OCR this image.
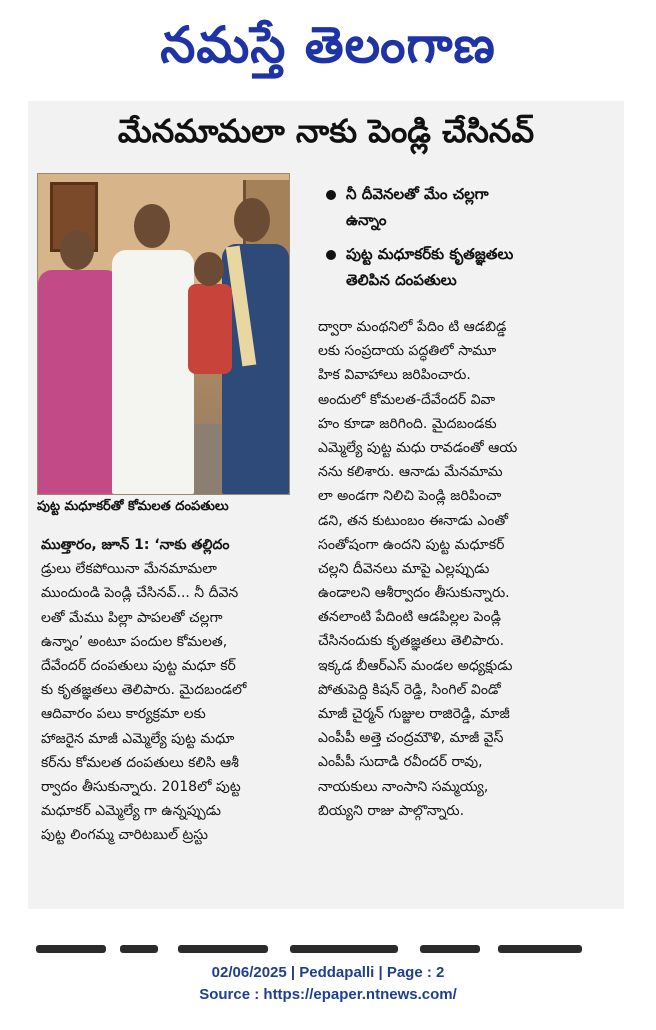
నమస్తే తెలంగాణ
మేనమామలా నాకు పెండ్లి చేసినవ్
పుట్ట మధూకర్‌తో కోమలత దంపతులు
నీ దీవెనలతో మేం చల్లగా
ఉన్నాం
పుట్ట మధూకర్‌కు కృతజ్ఞతలు
తెలిపిన దంపతులు
ముత్తారం, జూన్ 1: ‘నాకు తల్లిదం
డ్రులు లేకపోయినా మేనమామలా
ముందుండి పెండ్లి చేసినవ్... నీ దీవెన
లతో మేము పిల్లా పాపలతో చల్లగా
ఉన్నాం’ అంటూ పందుల కోమలత,
దేవేందర్ దంపతులు పుట్ట మధూ కర్
కు కృతజ్ఞతలు తెలిపారు. మైదబండలో
ఆదివారం పలు కార్యక్రమా లకు
హాజరైన మాజీ ఎమ్మెల్యే పుట్ట మధూ
కర్‌ను కోమలత దంపతులు కలిసి ఆశీ
ర్వాదం తీసుకున్నారు. 2018లో పుట్ట
మధూకర్ ఎమ్మెల్యే గా ఉన్నప్పుడు
పుట్ట లింగమ్మ చారిటబుల్ ట్రస్టు
ద్వారా మంథనిలో పేదిం టి ఆడబిడ్డ
లకు సంప్రదాయ పద్ధతిలో సామూ
హిక వివాహాలు జరిపించారు.
అందులో కోమలత-దేవేందర్ వివా
హం కూడా జరిగింది. మైదబండకు
ఎమ్మెల్యే పుట్ట మధు రావడంతో ఆయ
నను కలిశారు. ఆనాడు మేనమామ
లా అండగా నిలిచి పెండ్లి జరిపించా
డని, తన కుటుంబం ఈనాడు ఎంతో
సంతోషంగా ఉందని పుట్ట మధూకర్
చల్లని దీవెనలు మాపై ఎల్లప్పుడు
ఉండాలని ఆశీర్వాదం తీసుకున్నారు.
తనలాంటి పేదింటి ఆడపిల్లల పెండ్లి
చేసినందుకు కృతజ్ఞతలు తెలిపారు.
ఇక్కడ బీఆర్ఎస్ మండల అధ్యక్షుడు
పోతుపెద్ది కిషన్ రెడ్డి, సింగిల్ విండో
మాజీ చైర్మన్ గుజ్జుల రాజిరెడ్డి, మాజీ
ఎంపీపీ అత్తె చంద్రమౌళి, మాజీ వైస్
ఎంపీపీ సుదాడి రవీందర్ రావు,
నాయకులు నాంసాని సమ్మయ్య,
బియ్యని రాజు పాల్గొన్నారు.
02/06/2025 | Peddapalli | Page : 2
Source : https://epaper.ntnews.com/
